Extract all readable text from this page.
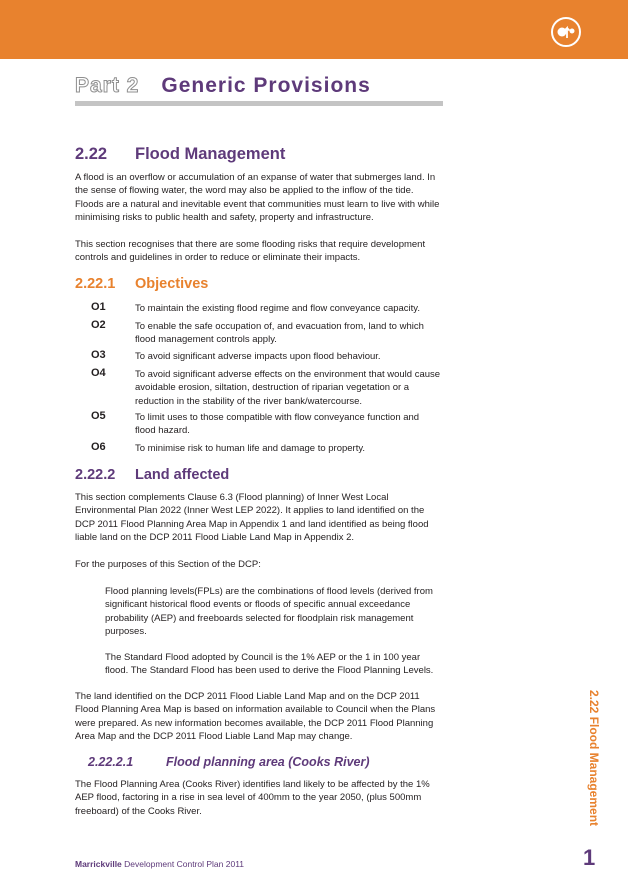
Part 2 Generic Provisions
2.22 Flood Management
A flood is an overflow or accumulation of an expanse of water that submerges land. In
the sense of flowing water, the word may also be applied to the inflow of the tide.
Floods are a natural and inevitable event that communities must learn to live with while
minimising risks to public health and safety, property and infrastructure.
This section recognises that there are some flooding risks that require development
controls and guidelines in order to reduce or eliminate their impacts.
2.22.1 Objectives
O1	To maintain the existing flood regime and flow conveyance capacity.
O2	To enable the safe occupation of, and evacuation from, land to which
flood management controls apply.
O3	To avoid significant adverse impacts upon flood behaviour.
O4	To avoid significant adverse effects on the environment that would cause
avoidable erosion, siltation, destruction of riparian vegetation or a
reduction in the stability of the river bank/watercourse.
O5	To limit uses to those compatible with flow conveyance function and
flood hazard.
O6	To minimise risk to human life and damage to property.
2.22.2 Land affected
This section complements Clause 6.3 (Flood planning) of Inner West Local
Environmental Plan 2022 (Inner West LEP 2022). It applies to land identified on the
DCP 2011 Flood Planning Area Map in Appendix 1 and land identified as being flood
liable land on the DCP 2011 Flood Liable Land Map in Appendix 2.
For the purposes of this Section of the DCP:
Flood planning levels(FPLs) are the combinations of flood levels (derived from
significant historical flood events or floods of specific annual exceedance
probability (AEP) and freeboards selected for floodplain risk management
purposes.
The Standard Flood adopted by Council is the 1% AEP or the 1 in 100 year
flood. The Standard Flood has been used to derive the Flood Planning Levels.
The land identified on the DCP 2011 Flood Liable Land Map and on the DCP 2011
Flood Planning Area Map is based on information available to Council when the Plans
were prepared. As new information becomes available, the DCP 2011 Flood Planning
Area Map and the DCP 2011 Flood Liable Land Map may change.
2.22.2.1	Flood planning area (Cooks River)
The Flood Planning Area (Cooks River) identifies land likely to be affected by the 1%
AEP flood, factoring in a rise in sea level of 400mm to the year 2050, (plus 500mm
freeboard) of the Cooks River.	2.22 Flood Management
Marrickville Development Control Plan 2011	1
